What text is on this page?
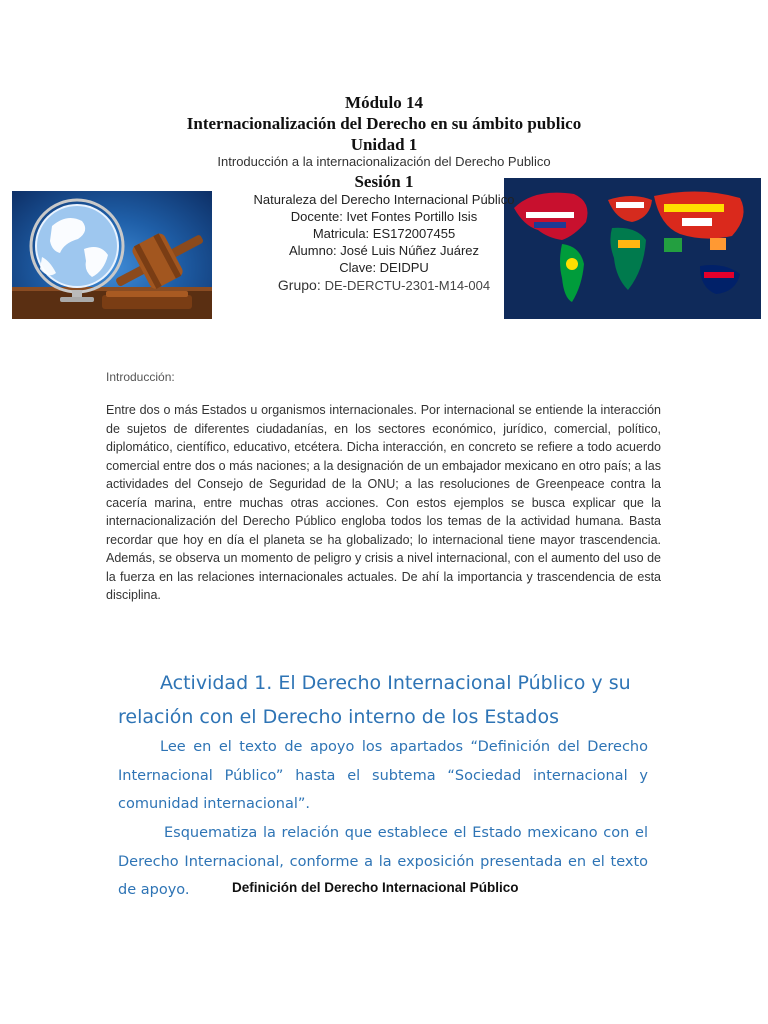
Módulo 14
Internacionalización del Derecho en su ámbito publico
Unidad 1
Introducción a la internacionalización del Derecho Publico
Sesión 1
Naturaleza del Derecho Internacional Público
Docente: Ivet Fontes Portillo Isis
Matricula: ES172007455
Alumno: José Luis Núñez Juárez
Clave: DEIDPU
Grupo: DE-DERCTU-2301-M14-004
Introducción:
Entre dos o más Estados u organismos internacionales. Por internacional se entiende la interacción de sujetos de diferentes ciudadanías, en los sectores económico, jurídico, comercial, político, diplomático, científico, educativo, etcétera. Dicha interacción, en concreto se refiere a todo acuerdo comercial entre dos o más naciones; a la designación de un embajador mexicano en otro país; a las actividades del Consejo de Seguridad de la ONU; a las resoluciones de Greenpeace contra la cacería marina, entre muchas otras acciones. Con estos ejemplos se busca explicar que la internacionalización del Derecho Público engloba todos los temas de la actividad humana. Basta recordar que hoy en día el planeta se ha globalizado; lo internacional tiene mayor trascendencia. Además, se observa un momento de peligro y crisis a nivel internacional, con el aumento del uso de la fuerza en las relaciones internacionales actuales. De ahí la importancia y trascendencia de esta disciplina.
Actividad 1. El Derecho Internacional Público y su
relación con el Derecho interno de los Estados
Lee en el texto de apoyo los apartados “Definición del Derecho Internacional Público” hasta el subtema “Sociedad internacional y comunidad internacional”.
Esquematiza la relación que establece el Estado mexicano con el Derecho Internacional, conforme a la exposición presentada en el texto de apoyo.	Definición del Derecho Internacional Público
